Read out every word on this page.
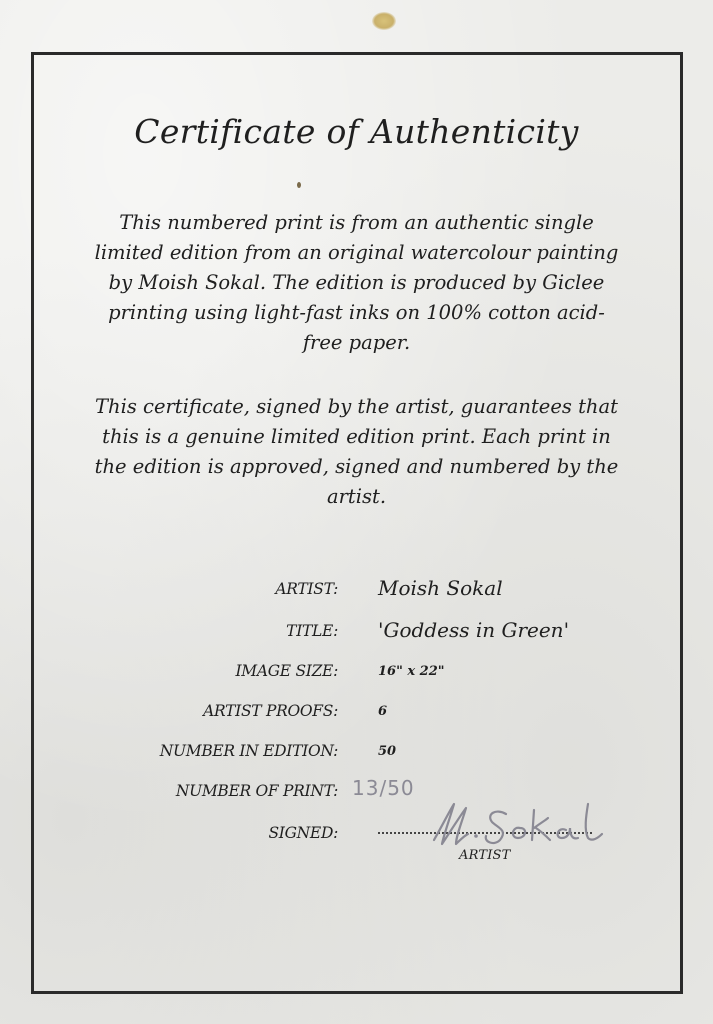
Certificate of Authenticity
This numbered print is from an authentic single limited edition from an original watercolour painting by Moish Sokal. The edition is produced by Giclee printing using light-fast inks on 100% cotton acid-free paper.
This certificate, signed by the artist, guarantees that this is a genuine limited edition print. Each print in the edition is approved, signed and numbered by the artist.
ARTIST: Moish Sokal
TITLE: 'Goddess in Green'
IMAGE SIZE:	16" x 22"
ARTIST PROOFS:	6
NUMBER IN EDITION:	50
NUMBER OF PRINT: 13/50
SIGNED:
ARTIST
